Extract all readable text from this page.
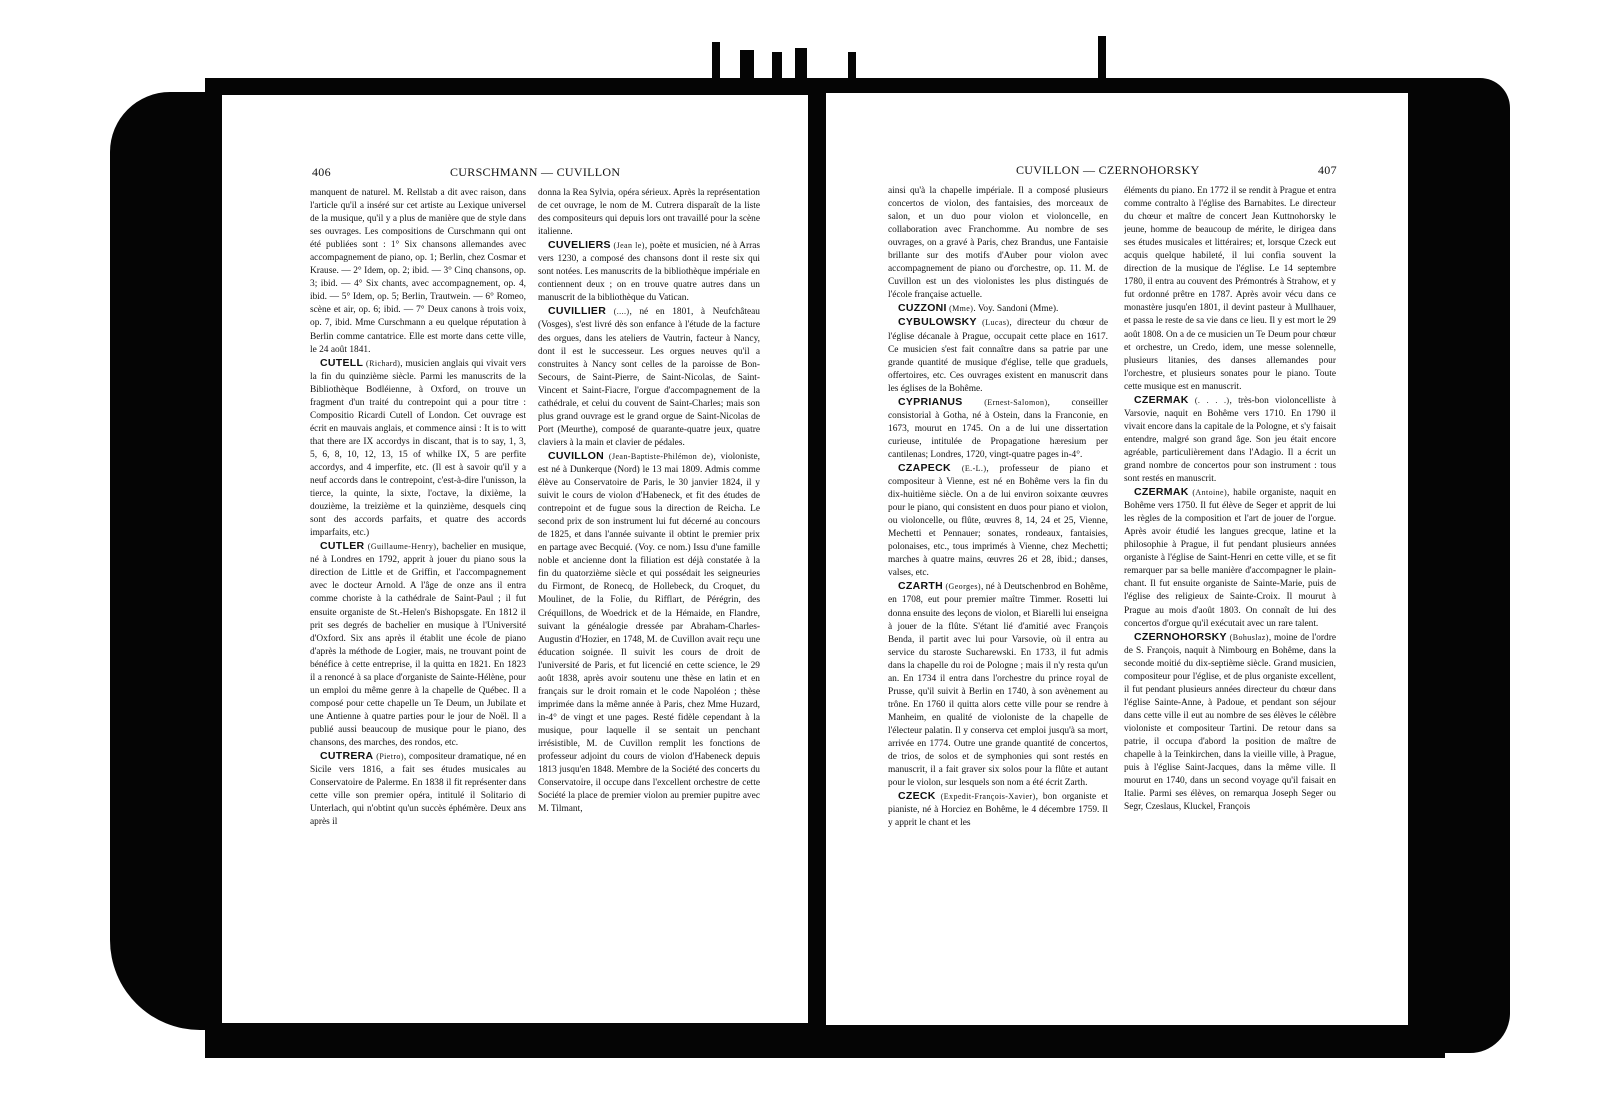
406	CURSCHMANN — CUVILLON

manquent de naturel. M. Rellstab a dit avec raison, dans l'article qu'il a inséré sur cet artiste au Lexique universel de la musique, qu'il y a plus de manière que de style dans ses ouvrages. Les compositions de Curschmann qui ont été publiées sont : 1° Six chansons allemandes avec accompagnement de piano, op. 1; Berlin, chez Cosmar et Krause. — 2° Idem, op. 2; ibid. — 3° Cinq chansons, op. 3; ibid. — 4° Six chants, avec accompagnement, op. 4, ibid. — 5° Idem, op. 5; Berlin, Trautwein. — 6° Romeo, scène et air, op. 6; ibid. — 7° Deux canons à trois voix, op. 7, ibid. Mme Curschmann a eu quelque réputation à Berlin comme cantatrice. Elle est morte dans cette ville, le 24 août 1841.

CUTELL (Richard), musicien anglais qui vivait vers la fin du quinzième siècle. Parmi les manuscrits de la Bibliothèque Bodléienne, à Oxford, on trouve un fragment d'un traité du contrepoint qui a pour titre : Compositio Ricardi Cutell of London. Cet ouvrage est écrit en mauvais anglais, et commence ainsi : It is to witt that there are IX accordys in discant, that is to say, 1, 3, 5, 6, 8, 10, 12, 13, 15 of whilke IX, 5 are perfite accordys, and 4 imperfite, etc. (Il est à savoir qu'il y a neuf accords dans le contrepoint, c'est-à-dire l'unisson, la tierce, la quinte, la sixte, l'octave, la dixième, la douzième, la treizième et la quinzième, desquels cinq sont des accords parfaits, et quatre des accords imparfaits, etc.)

CUTLER (Guillaume-Henry), bachelier en musique, né à Londres en 1792, apprit à jouer du piano sous la direction de Little et de Griffin, et l'accompagnement avec le docteur Arnold. A l'âge de onze ans il entra comme choriste à la cathédrale de Saint-Paul ; il fut ensuite organiste de St.-Helen's Bishopsgate. En 1812 il prit ses degrés de bachelier en musique à l'Université d'Oxford. Six ans après il établit une école de piano d'après la méthode de Logier, mais, ne trouvant point de bénéfice à cette entreprise, il la quitta en 1821. En 1823 il a renoncé à sa place d'organiste de Sainte-Hélène, pour un emploi du même genre à la chapelle de Québec. Il a composé pour cette chapelle un Te Deum, un Jubilate et une Antienne à quatre parties pour le jour de Noël. Il a publié aussi beaucoup de musique pour le piano, des chansons, des marches, des rondos, etc.

CUTRERA (Pietro), compositeur dramatique, né en Sicile vers 1816, a fait ses études musicales au Conservatoire de Palerme. En 1838 il fit représenter dans cette ville son premier opéra, intitulé il Solitario di Unterlach, qui n'obtint qu'un succès éphémère. Deux ans après il

donna la Rea Sylvia, opéra sérieux. Après la représentation de cet ouvrage, le nom de M. Cutrera disparaît de la liste des compositeurs qui depuis lors ont travaillé pour la scène italienne.

CUVELIERS (Jean le), poète et musicien, né à Arras vers 1230, a composé des chansons dont il reste six qui sont notées. Les manuscrits de la bibliothèque impériale en contiennent deux ; on en trouve quatre autres dans un manuscrit de la bibliothèque du Vatican.

CUVILLIER (....), né en 1801, à Neufchâteau (Vosges), s'est livré dès son enfance à l'étude de la facture des orgues, dans les ateliers de Vautrin, facteur à Nancy, dont il est le successeur. Les orgues neuves qu'il a construites à Nancy sont celles de la paroisse de Bon-Secours, de Saint-Pierre, de Saint-Nicolas, de Saint-Vincent et Saint-Fiacre, l'orgue d'accompagnement de la cathédrale, et celui du couvent de Saint-Charles; mais son plus grand ouvrage est le grand orgue de Saint-Nicolas de Port (Meurthe), composé de quarante-quatre jeux, quatre claviers à la main et clavier de pédales.

CUVILLON (Jean-Baptiste-Philémon de), violoniste, est né à Dunkerque (Nord) le 13 mai 1809. Admis comme élève au Conservatoire de Paris, le 30 janvier 1824, il y suivit le cours de violon d'Habeneck, et fit des études de contrepoint et de fugue sous la direction de Reicha. Le second prix de son instrument lui fut décerné au concours de 1825, et dans l'année suivante il obtint le premier prix en partage avec Becquié. (Voy. ce nom.) Issu d'une famille noble et ancienne dont la filiation est déjà constatée à la fin du quatorzième siècle et qui possédait les seigneuries du Firmont, de Ronecq, de Hollebeck, du Croquet, du Moulinet, de la Folie, du Rifflart, de Pérégrin, des Créquillons, de Woedrick et de la Hémaide, en Flandre, suivant la généalogie dressée par Abraham-Charles-Augustin d'Hozier, en 1748, M. de Cuvillon avait reçu une éducation soignée. Il suivit les cours de droit de l'université de Paris, et fut licencié en cette science, le 29 août 1838, après avoir soutenu une thèse en latin et en français sur le droit romain et le code Napoléon ; thèse imprimée dans la même année à Paris, chez Mme Huzard, in-4° de vingt et une pages. Resté fidèle cependant à la musique, pour laquelle il se sentait un penchant irrésistible, M. de Cuvillon remplit les fonctions de professeur adjoint du cours de violon d'Habeneck depuis 1813 jusqu'en 1848. Membre de la Société des concerts du Conservatoire, il occupe dans l'excellent orchestre de cette Société la place de premier violon au premier pupitre avec M. Tilmant,

CUVILLON — CZERNOHORSKY	407

ainsi qu'à la chapelle impériale. Il a composé plusieurs concertos de violon, des fantaisies, des morceaux de salon, et un duo pour violon et violoncelle, en collaboration avec Franchomme. Au nombre de ses ouvrages, on a gravé à Paris, chez Brandus, une Fantaisie brillante sur des motifs d'Auber pour violon avec accompagnement de piano ou d'orchestre, op. 11. M. de Cuvillon est un des violonistes les plus distingués de l'école française actuelle.

CUZZONI (Mme). Voy. Sandoni (Mme).

CYBULOWSKY (Lucas), directeur du chœur de l'église décanale à Prague, occupait cette place en 1617. Ce musicien s'est fait connaître dans sa patrie par une grande quantité de musique d'église, telle que graduels, offertoires, etc. Ces ouvrages existent en manuscrit dans les églises de la Bohême.

CYPRIANUS	(Ernest-Salomon), conseiller consistorial à Gotha, né à Ostein, dans la Franconie, en 1673, mourut en 1745. On a de lui une dissertation curieuse, intitulée de Propagatione hæresium per cantilenas; Londres, 1720, vingt-quatre pages in-4°.

CZAPECK (E.-L.), professeur de piano et compositeur à Vienne, est né en Bohême vers la fin du dix-huitième siècle. On a de lui environ soixante œuvres pour le piano, qui consistent en duos pour piano et violon, ou violoncelle, ou flûte, œuvres 8, 14, 24 et 25, Vienne, Mechetti et Pennauer; sonates, rondeaux, fantaisies, polonaises, etc., tous imprimés à Vienne, chez Mechetti; marches à quatre mains, œuvres 26 et 28, ibid.; danses, valses, etc.

CZARTH (Georges), né à Deutschenbrod en Bohême, en 1708, eut pour premier maître Timmer. Rosetti lui donna ensuite des leçons de violon, et Biarelli lui enseigna à jouer de la flûte. S'étant lié d'amitié avec François Benda, il partit avec lui pour Varsovie, où il entra au service du staroste Sucharewski. En 1733, il fut admis dans la chapelle du roi de Pologne ; mais il n'y resta qu'un an. En 1734 il entra dans l'orchestre du prince royal de Prusse, qu'il suivit à Berlin en 1740, à son avènement au trône. En 1760 il quitta alors cette ville pour se rendre à Manheim, en qualité de violoniste de la chapelle de l'électeur palatin. Il y conserva cet emploi jusqu'à sa mort, arrivée en 1774. Outre une grande quantité de concertos, de trios, de solos et de symphonies qui sont restés en manuscrit, il a fait graver six solos pour la flûte et autant pour le violon, sur lesquels son nom a été écrit Zarth.

CZECK (Expedit-François-Xavier), bon organiste et pianiste, né à Horciez en Bohême, le 4 décembre 1759. Il y apprit le chant et les

éléments du piano. En 1772 il se rendit à Prague et entra comme contralto à l'église des Barnabites. Le directeur du chœur et maître de concert Jean Kuttnohorsky le jeune, homme de beaucoup de mérite, le dirigea dans ses études musicales et littéraires; et, lorsque Czeck eut acquis quelque habileté, il lui confia souvent la direction de la musique de l'église. Le 14 septembre 1780, il entra au couvent des Prémontrés à Strahow, et y fut ordonné prêtre en 1787. Après avoir vécu dans ce monastère jusqu'en 1801, il devint pasteur à Mullhauer, et passa le reste de sa vie dans ce lieu. Il y est mort le 29 août 1808. On a de ce musicien un Te Deum pour chœur et orchestre, un Credo, idem, une messe solennelle, plusieurs litanies, des danses allemandes pour l'orchestre, et plusieurs sonates pour le piano. Toute cette musique est en manuscrit.

CZERMAK (. . . .), très-bon violoncelliste à Varsovie, naquit en Bohême vers 1710. En 1790 il vivait encore dans la capitale de la Pologne, et s'y faisait entendre, malgré son grand âge. Son jeu était encore agréable, particulièrement dans l'Adagio. Il a écrit un grand nombre de concertos pour son instrument : tous sont restés en manuscrit.

CZERMAK (Antoine), habile organiste, naquit en Bohême vers 1750. Il fut élève de Seger et apprit de lui les règles de la composition et l'art de jouer de l'orgue. Après avoir étudié les langues grecque, latine et la philosophie à Prague, il fut pendant plusieurs années organiste à l'église de Saint-Henri en cette ville, et se fit remarquer par sa belle manière d'accompagner le plain-chant. Il fut ensuite organiste de Sainte-Marie, puis de l'église des religieux de Sainte-Croix. Il mourut à Prague au mois d'août 1803. On connaît de lui des concertos d'orgue qu'il exécutait avec un rare talent.

CZERNOHORSKY (Bohuslaz), moine de l'ordre de S. François, naquit à Nimbourg en Bohême, dans la seconde moitié du dix-septième siècle. Grand musicien, compositeur pour l'église, et de plus organiste excellent, il fut pendant plusieurs années directeur du chœur dans l'église Sainte-Anne, à Padoue, et pendant son séjour dans cette ville il eut au nombre de ses élèves le célèbre violoniste et compositeur Tartini. De retour dans sa patrie, il occupa d'abord la position de maître de chapelle à la Teinkirchen, dans la vieille ville, à Prague, puis à l'église Saint-Jacques, dans la même ville. Il mourut en 1740, dans un second voyage qu'il faisait en Italie. Parmi ses élèves, on remarqua Joseph Seger ou Segr, Czeslaus, Kluckel, François
